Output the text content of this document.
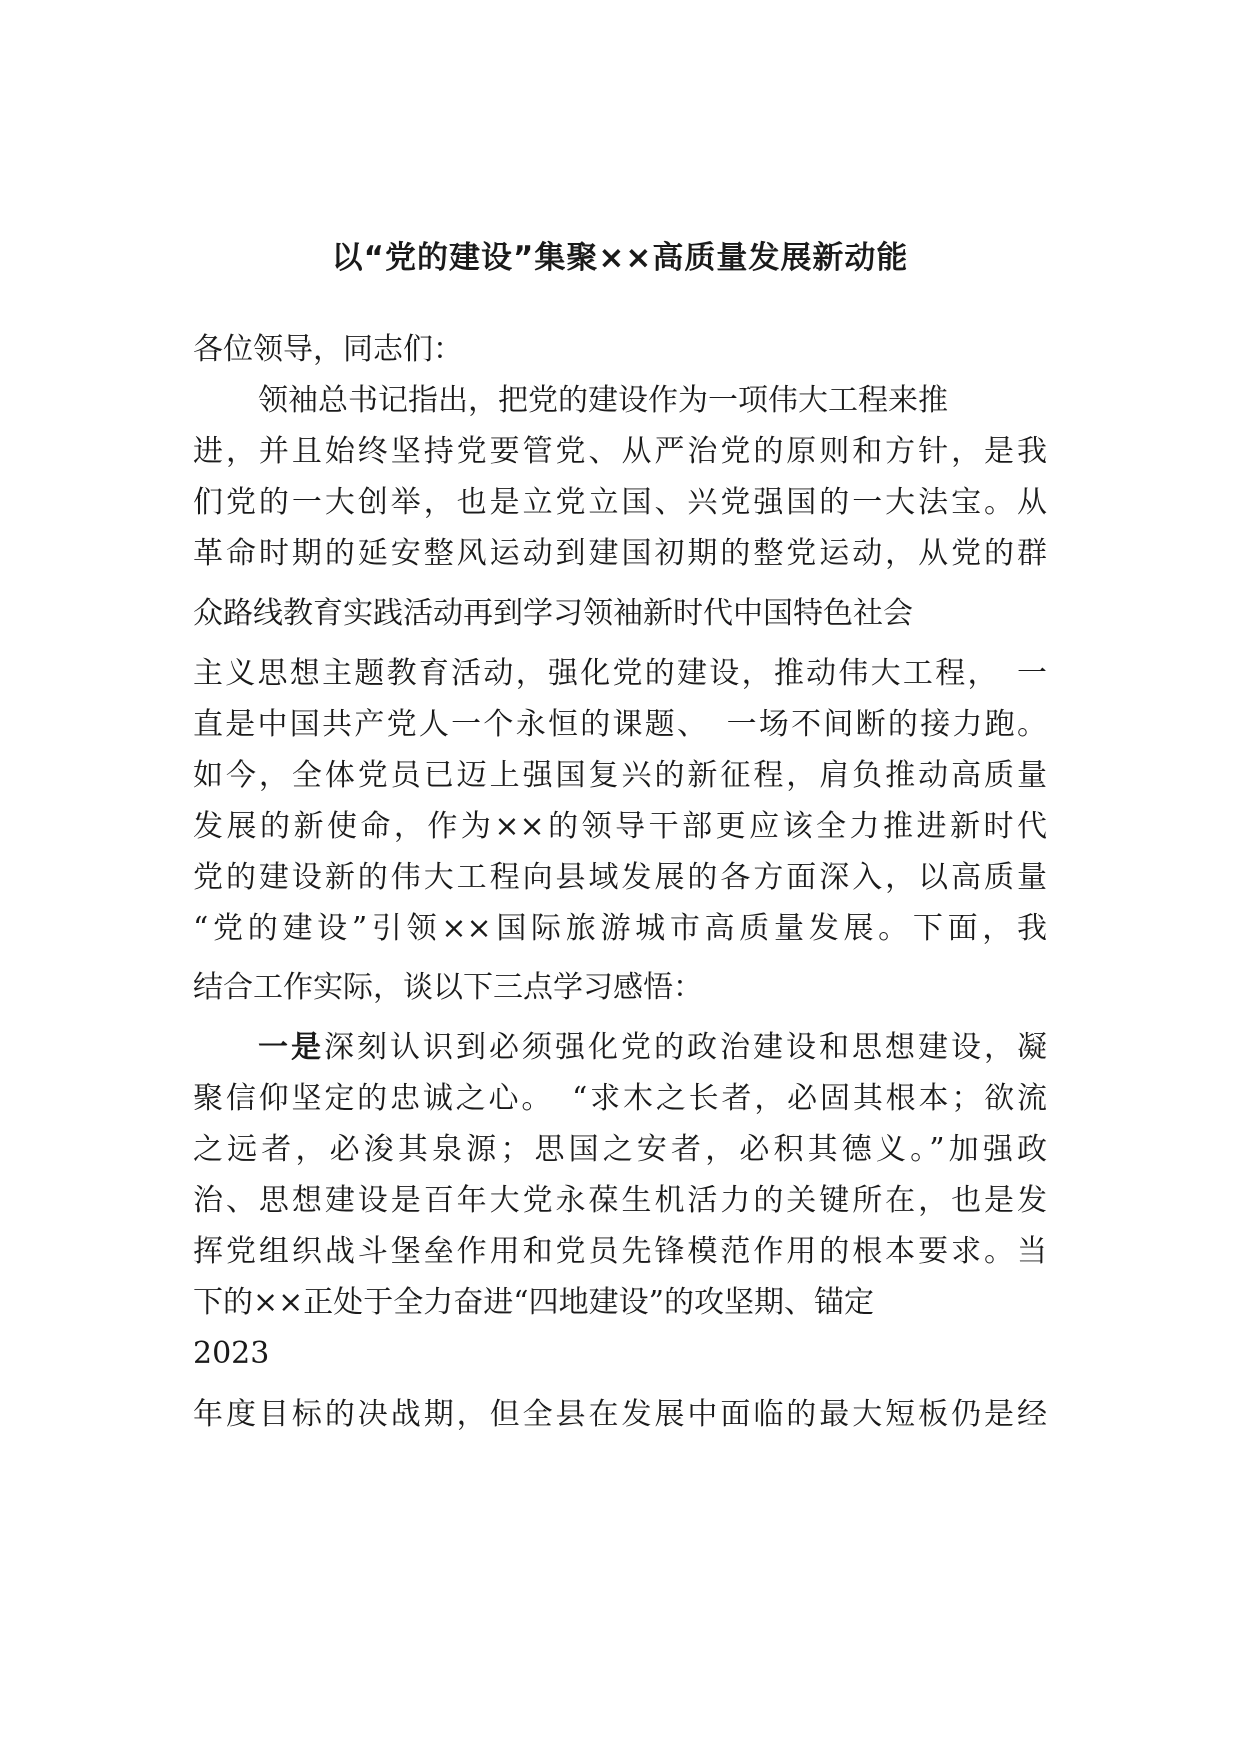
以“党的建设”集聚××高质量发展新动能
各位领导，同志们：
领袖总书记指出，把党的建设作为一项伟大工程来推
进，并且始终坚持党要管党、从严治党的原则和方针，是我
们党的一大创举，也是立党立国、兴党强国的一大法宝。从
革命时期的延安整风运动到建国初期的整党运动，从党的群
众路线教育实践活动再到学习领袖新时代中国特色社会
主义思想主题教育活动，强化党的建设，推动伟大工程，　一
直是中国共产党人一个永恒的课题、　一场不间断的接力跑。
如今，全体党员已迈上强国复兴的新征程，肩负推动高质量
发展的新使命，作为××的领导干部更应该全力推进新时代
党的建设新的伟大工程向县域发展的各方面深入，以高质量
“党的建设”引领××国际旅游城市高质量发展。下面，我
结合工作实际，谈以下三点学习感悟：
一是深刻认识到必须强化党的政治建设和思想建设，凝
聚信仰坚定的忠诚之心。　“求木之长者，必固其根本；欲流
之远者，必浚其泉源；思国之安者，必积其德义。”加强政
治、思想建设是百年大党永葆生机活力的关键所在，也是发
挥党组织战斗堡垒作用和党员先锋模范作用的根本要求。当
下的××正处于全力奋进“四地建设”的攻坚期、锚定
2023
年度目标的决战期，但全县在发展中面临的最大短板仍是经
